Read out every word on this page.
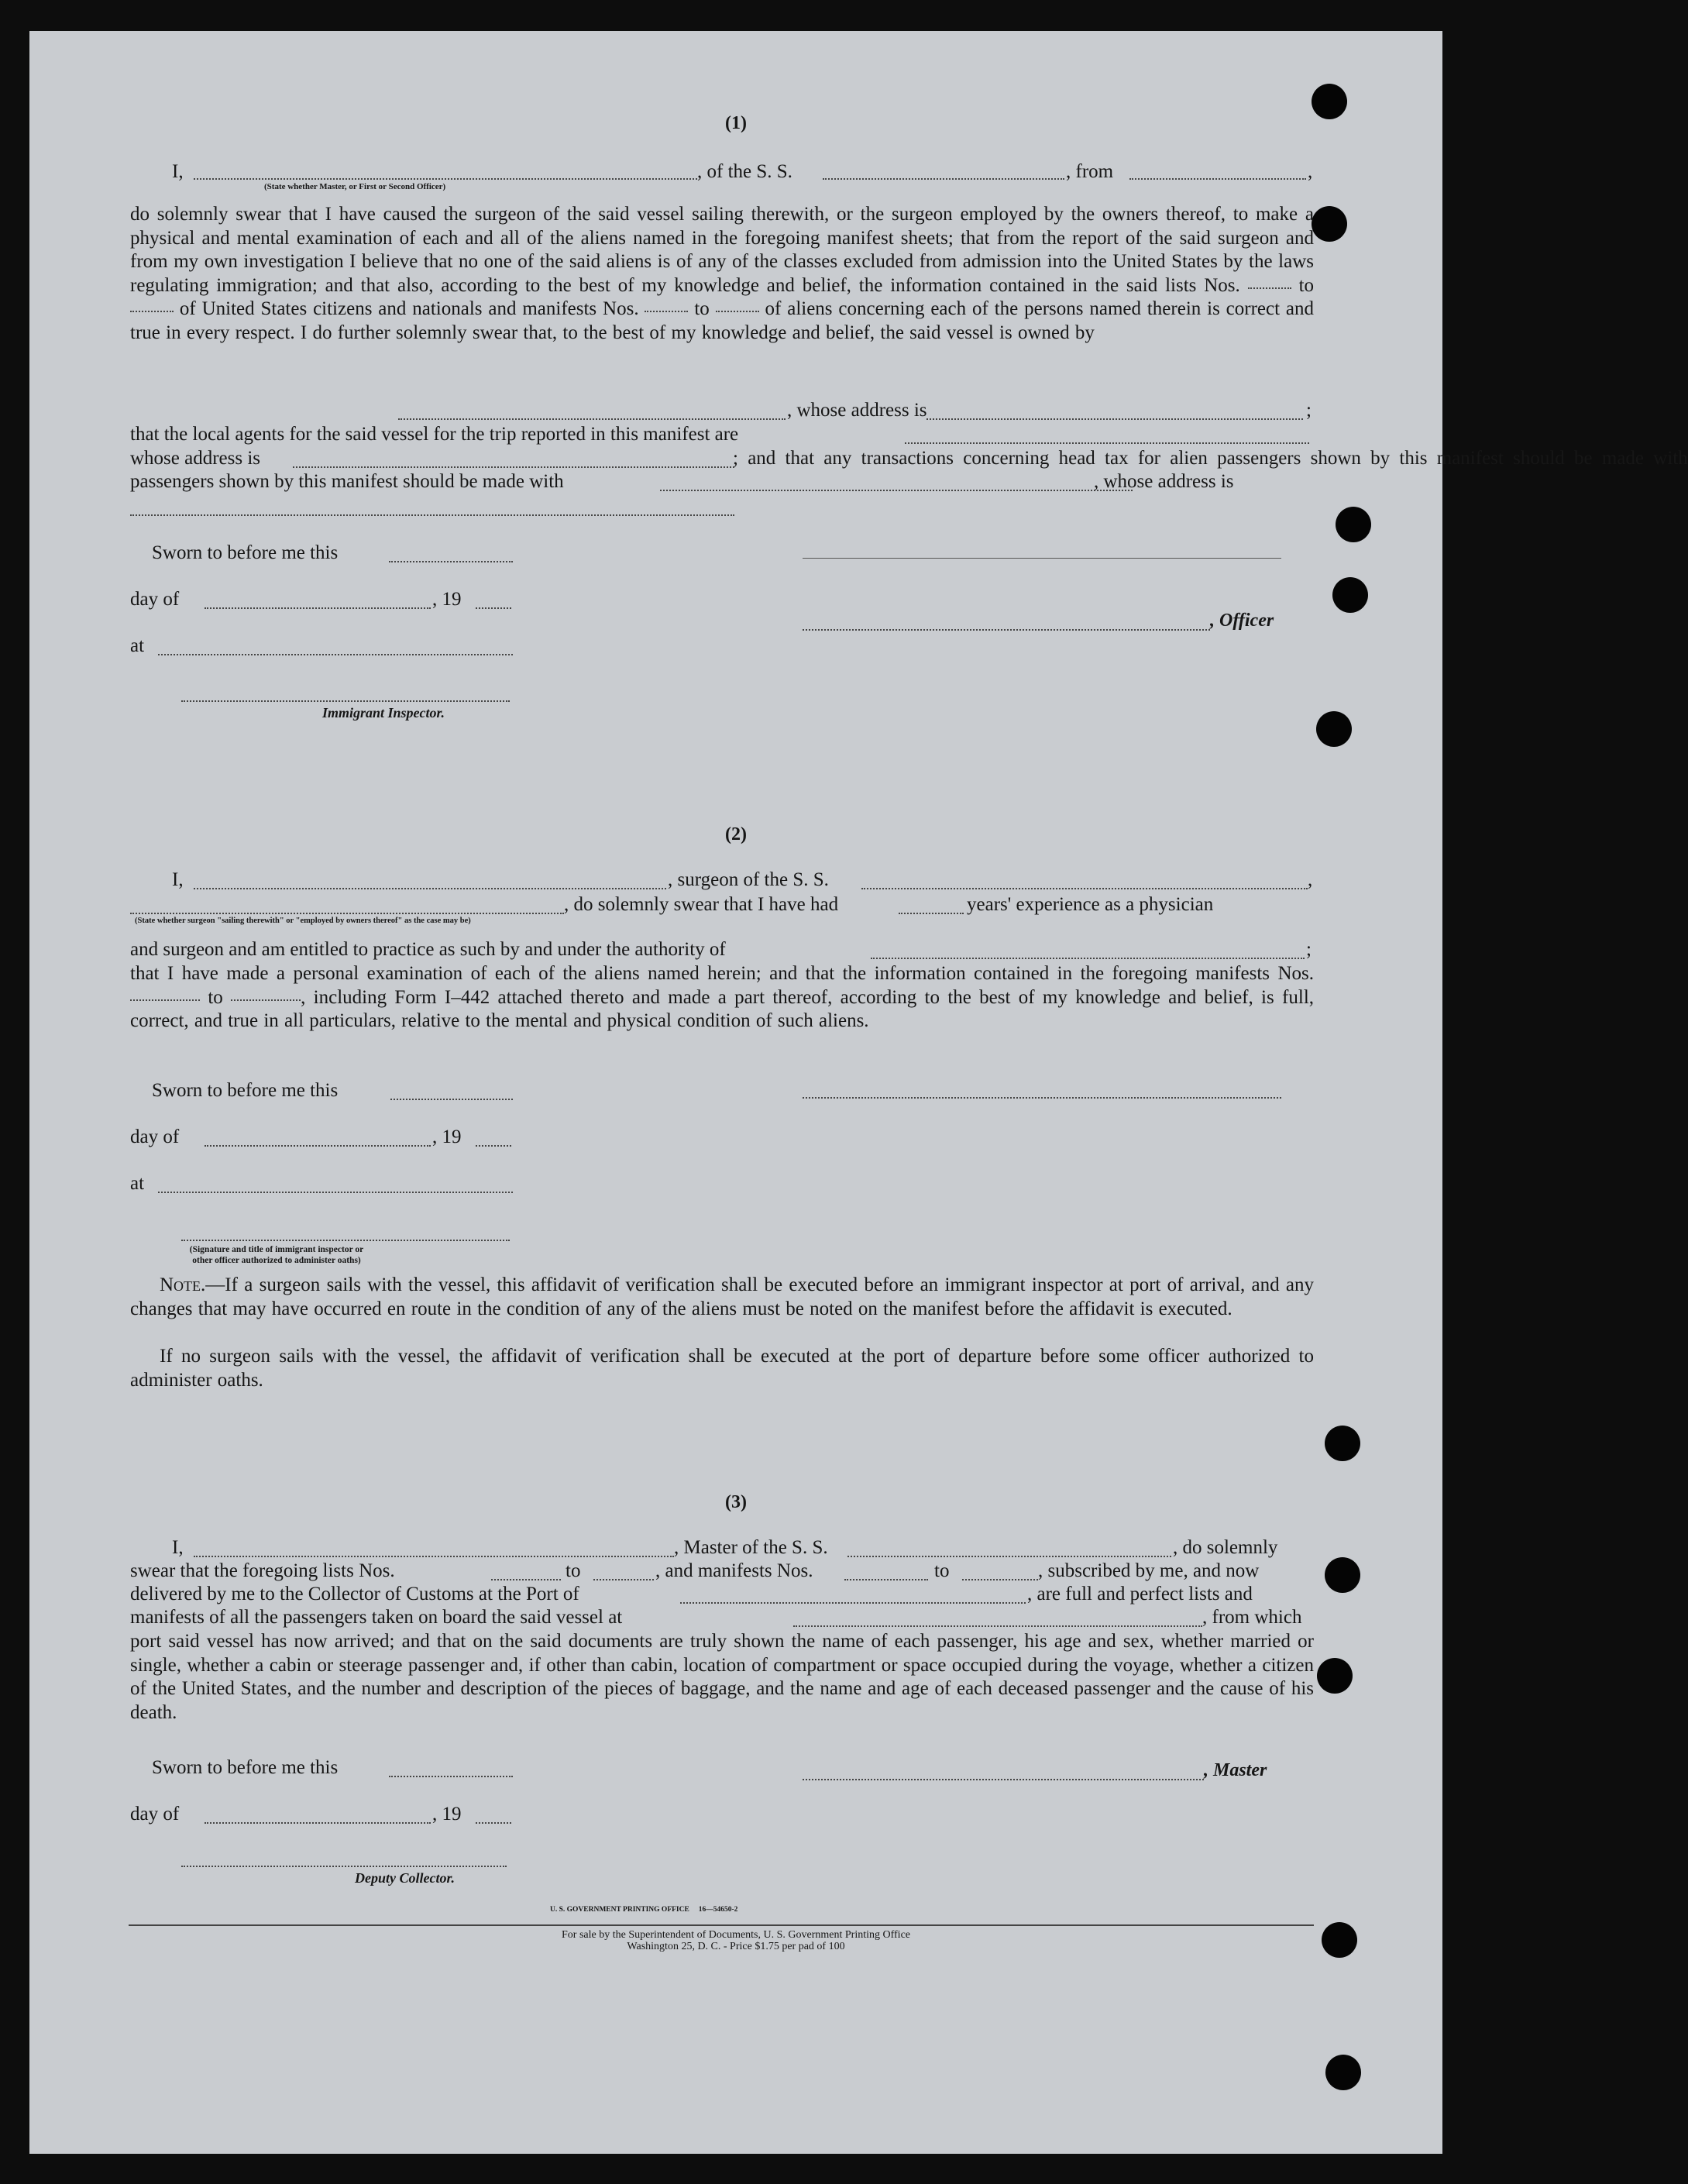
(1)
I,
(State whether Master, or First or Second Officer)
, of the S. S.	, from	,
do solemnly swear that I have caused the surgeon of the said vessel sailing therewith, or the surgeon employed by the owners thereof, to make a physical and mental examination of each and all of the aliens named in the foregoing manifest sheets; that from the report of the said surgeon and from my own investigation I believe that no one of the said aliens is of any of the classes excluded from admission into the United States by the laws regulating immigration; and that also, according to the best of my knowledge and belief, the information contained in the said lists Nos.	to  of United States citizens and nationals and manifests Nos.	to	of aliens concerning each of the persons named therein is correct and true in every respect. I do further solemnly swear that, to the best of my knowledge and belief, the said vessel is owned by
, whose address is	;
that the local agents for the said vessel for the trip reported in this manifest are
whose address is	; and that any transactions concerning head tax for alien passengers shown by this manifest should be made with
passengers shown by this manifest should be made with	, whose address is
Sworn to before me this
day of	, 19
, Officer
at
Immigrant Inspector.
(2)
I,	, surgeon of the S. S.	,
, do solemnly swear that I have had	years' experience as a physician
(State whether surgeon "sailing therewith" or "employed by owners thereof" as the case may be)
and surgeon and am entitled to practice as such by and under the authority of	;
that I have made a personal examination of each of the aliens named herein; and that the information contained in the foregoing manifests Nos.  to	, including Form I–442 attached thereto and made a part thereof, according to the best of my knowledge and belief, is full, correct, and true in all particulars, relative to the mental and physical condition of such aliens.
Sworn to before me this
day of	, 19
at
(Signature and title of immigrant inspector or other officer authorized to administer oaths)
Note.—If a surgeon sails with the vessel, this affidavit of verification shall be executed before an immigrant inspector at port of arrival, and any changes that may have occurred en route in the condition of any of the aliens must be noted on the manifest before the affidavit is executed.
If no surgeon sails with the vessel, the affidavit of verification shall be executed at the port of departure before some officer authorized to administer oaths.
(3)
I,	, Master of the S. S.	, do solemnly
swear that the foregoing lists Nos.	to	, and manifests Nos.	to	, subscribed by me, and now
delivered by me to the Collector of Customs at the Port of	, are full and perfect lists and
manifests of all the passengers taken on board the said vessel at	, from which
port said vessel has now arrived; and that on the said documents are truly shown the name of each passenger, his age and sex, whether married or single, whether a cabin or steerage passenger and, if other than cabin, location of compartment or space occupied during the voyage, whether a citizen of the United States, and the number and description of the pieces of baggage, and the name and age of each deceased passenger and the cause of his death.
Sworn to before me this	, Master
day of	, 19
Deputy Collector.
U. S. GOVERNMENT PRINTING OFFICE     16—54650-2
For sale by the Superintendent of Documents, U. S. Government Printing Office
Washington 25, D. C. - Price $1.75 per pad of 100
